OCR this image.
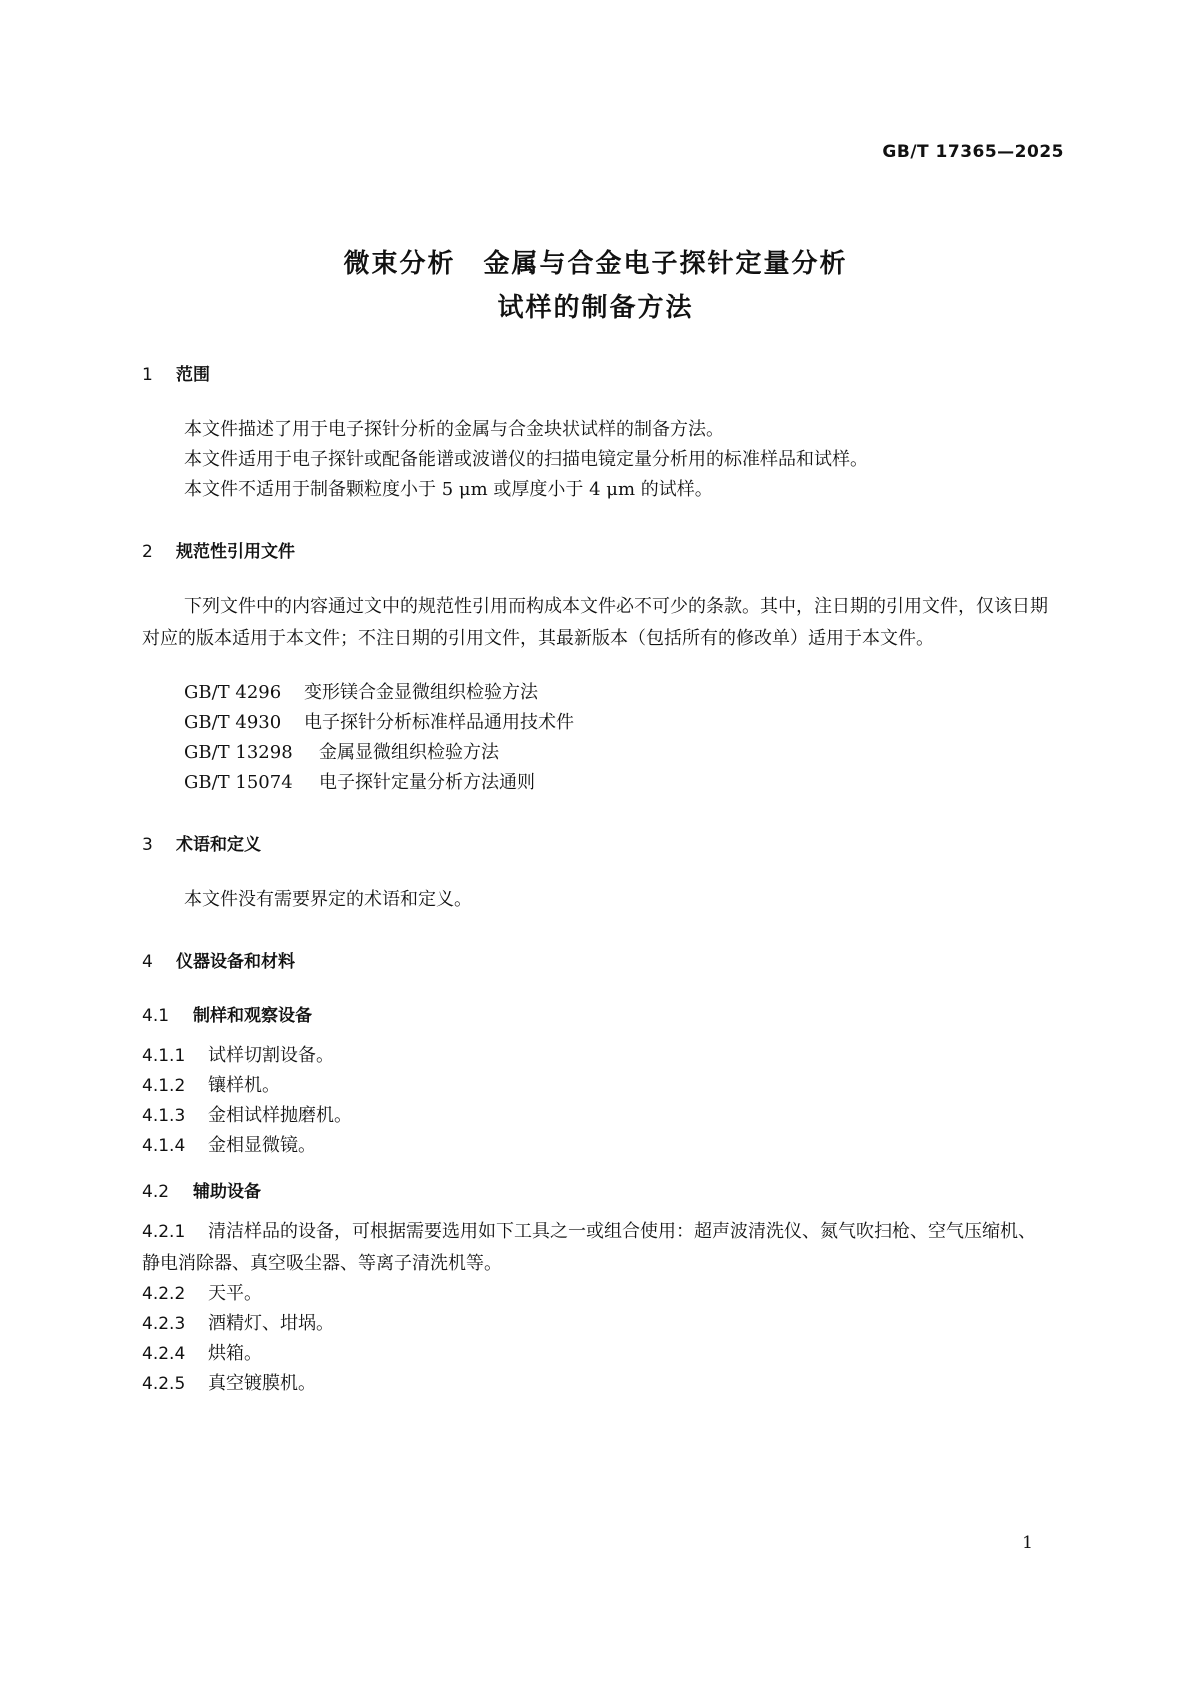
GB/T 17365—2025
微束分析 金属与合金电子探针定量分析
试样的制备方法
1 范围
本文件描述了用于电子探针分析的金属与合金块状试样的制备方法。
本文件适用于电子探针或配备能谱或波谱仪的扫描电镜定量分析用的标准样品和试样。
本文件不适用于制备颗粒度小于 5 μm 或厚度小于 4 μm 的试样。
2 规范性引用文件
下列文件中的内容通过文中的规范性引用而构成本文件必不可少的条款。其中，注日期的引用文件，仅该日期对应的版本适用于本文件；不注日期的引用文件，其最新版本（包括所有的修改单）适用于本文件。
GB/T 4296 变形镁合金显微组织检验方法
GB/T 4930 电子探针分析标准样品通用技术件
GB/T 13298 金属显微组织检验方法
GB/T 15074 电子探针定量分析方法通则
3 术语和定义
本文件没有需要界定的术语和定义。
4 仪器设备和材料
4.1 制样和观察设备
4.1.1 试样切割设备。
4.1.2 镶样机。
4.1.3 金相试样抛磨机。
4.1.4 金相显微镜。
4.2 辅助设备
4.2.1 清洁样品的设备，可根据需要选用如下工具之一或组合使用：超声波清洗仪、氮气吹扫枪、空气压缩机、静电消除器、真空吸尘器、等离子清洗机等。
4.2.2 天平。
4.2.3 酒精灯、坩埚。
4.2.4 烘箱。
4.2.5 真空镀膜机。
1
